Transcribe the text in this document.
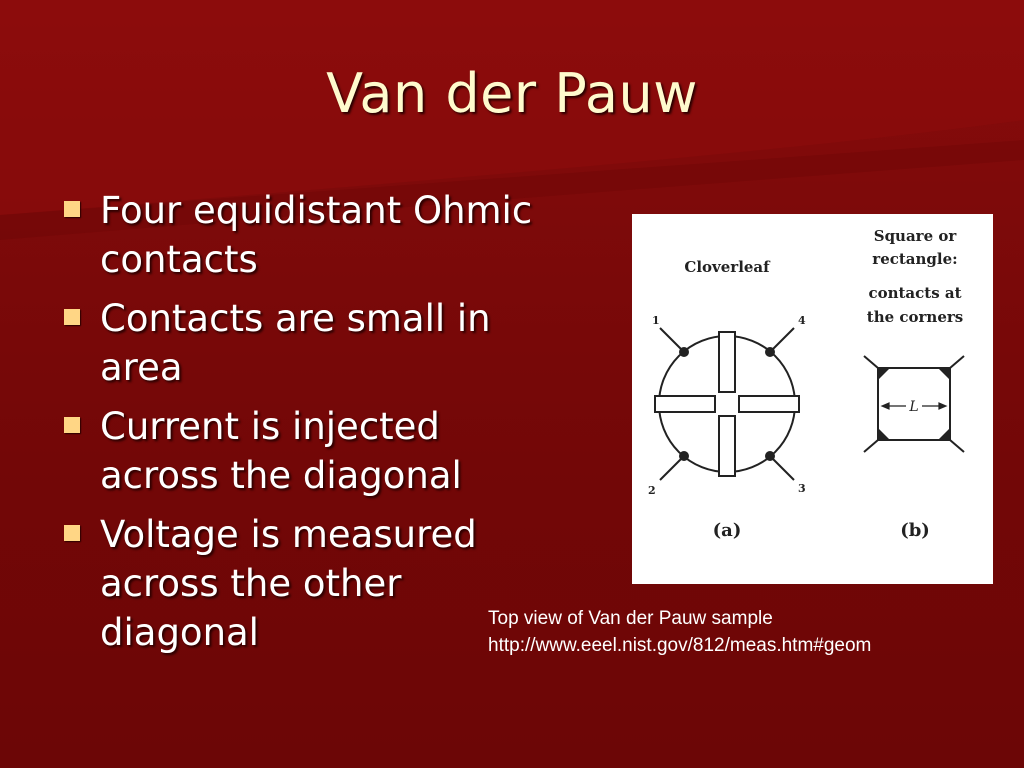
Van der Pauw
Four equidistant Ohmic
contacts
Contacts are small in
area
Current is injected
across the diagonal
Voltage is measured
across the other
diagonal
Cloverleaf
1	4
2	3
Square or
rectangle:
contacts at
the corners
L
(a)	(b)
Top view of Van der Pauw sample
http://www.eeel.nist.gov/812/meas.htm#geom
